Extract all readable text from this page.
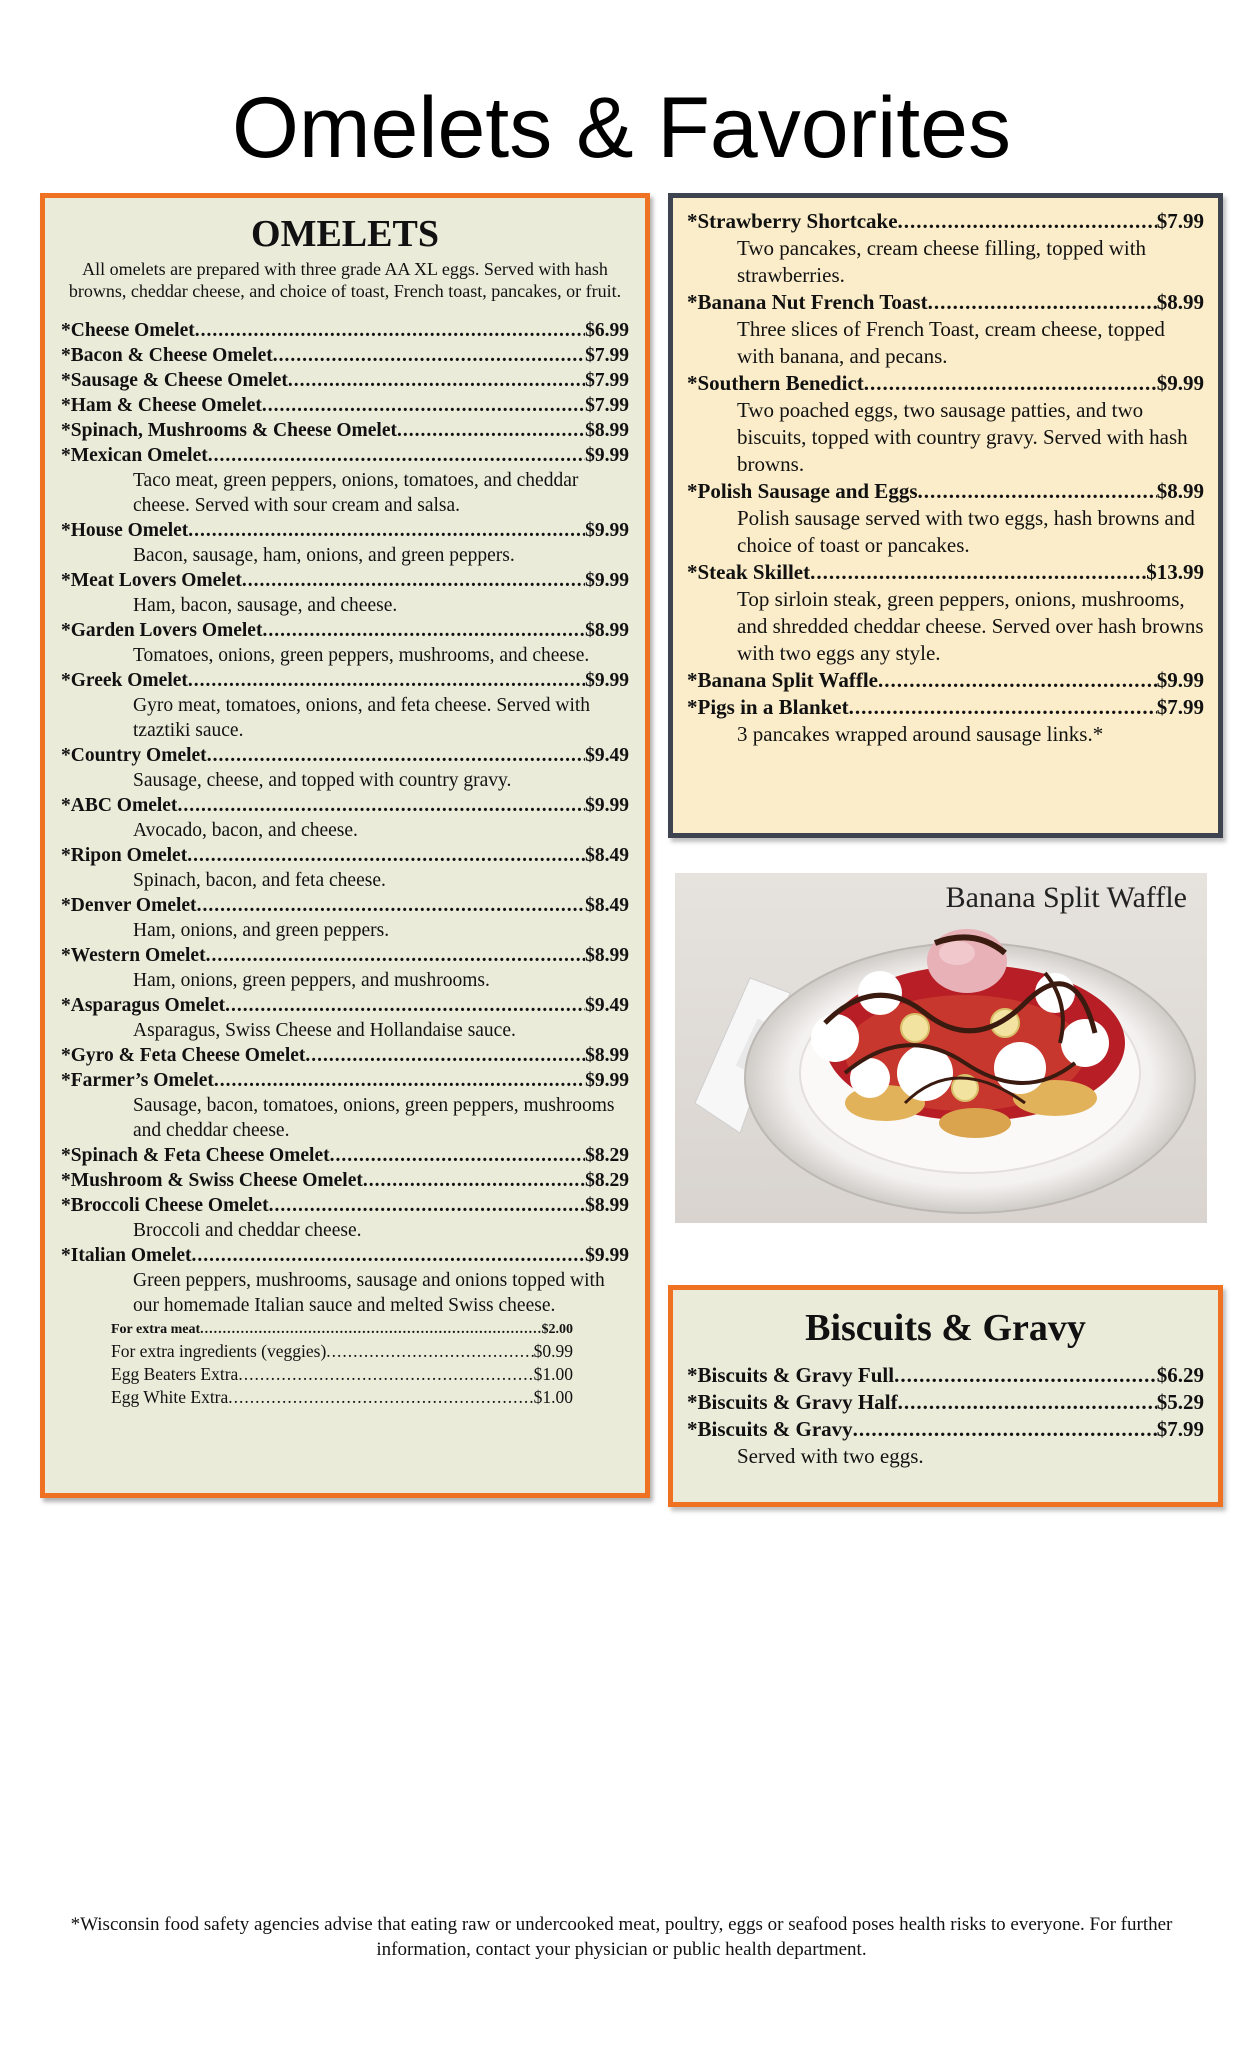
Omelets & Favorites
OMELETS
All omelets are prepared with three grade AA XL eggs. Served with hash browns, cheddar cheese, and choice of toast, French toast, pancakes, or fruit.
*Cheese Omelet .....	$6.99
*Bacon & Cheese Omelet .....	$7.99
*Sausage & Cheese Omelet .....	$7.99
*Ham & Cheese Omelet .....	$7.99
*Spinach, Mushrooms & Cheese Omelet .....	$8.99
*Mexican Omelet .....	$9.99
Taco meat, green peppers, onions, tomatoes, and cheddar cheese. Served with sour cream and salsa.
*House Omelet .....	$9.99
Bacon, sausage, ham, onions, and green peppers.
*Meat Lovers Omelet .....	$9.99
Ham, bacon, sausage, and cheese.
*Garden Lovers Omelet .....	$8.99
Tomatoes, onions, green peppers, mushrooms, and cheese.
*Greek Omelet .....	$9.99
Gyro meat, tomatoes, onions, and feta cheese. Served with tzaztiki sauce.
*Country Omelet .....	$9.49
Sausage, cheese, and topped with country gravy.
*ABC Omelet .....	$9.99
Avocado, bacon, and cheese.
*Ripon Omelet .....	$8.49
Spinach, bacon, and feta cheese.
*Denver Omelet .....	$8.49
Ham, onions, and green peppers.
*Western Omelet .....	$8.99
Ham, onions, green peppers, and mushrooms.
*Asparagus Omelet .....	$9.49
Asparagus, Swiss Cheese and Hollandaise sauce.
*Gyro & Feta Cheese Omelet .....	$8.99
*Farmer’s Omelet .....	$9.99
Sausage, bacon, tomatoes, onions, green peppers, mushrooms and cheddar cheese.
*Spinach & Feta Cheese Omelet .....	$8.29
*Mushroom & Swiss Cheese Omelet .....	$8.29
*Broccoli Cheese Omelet .....	$8.99
Broccoli and cheddar cheese.
*Italian Omelet .....	$9.99
Green peppers, mushrooms, sausage and onions topped with our homemade Italian sauce and melted Swiss cheese.
For extra meat .....	$2.00
For extra ingredients (veggies) .....	$0.99
Egg Beaters Extra .....	$1.00
Egg White Extra .....	$1.00
*Strawberry Shortcake .....	$7.99
Two pancakes, cream cheese filling, topped with strawberries.
*Banana Nut French Toast .....	$8.99
Three slices of French Toast, cream cheese, topped with banana, and pecans.
*Southern Benedict .....	$9.99
Two poached eggs, two sausage patties, and two biscuits, topped with country gravy. Served with hash browns.
*Polish Sausage and Eggs .....	$8.99
Polish sausage served with two eggs, hash browns and choice of toast or pancakes.
*Steak Skillet .....	$13.99
Top sirloin steak, green peppers, onions, mushrooms, and shredded cheddar cheese. Served over hash browns with two eggs any style.
*Banana Split Waffle .....	$9.99
*Pigs in a Blanket .....	$7.99
3 pancakes wrapped around sausage links.*
Banana Split Waffle
Biscuits & Gravy
*Biscuits & Gravy Full .....	$6.29
*Biscuits & Gravy Half .....	$5.29
*Biscuits & Gravy .....	$7.99
Served with two eggs.
*Wisconsin food safety agencies advise that eating raw or undercooked meat, poultry, eggs or seafood poses health risks to everyone. For further information, contact your physician or public health department.
